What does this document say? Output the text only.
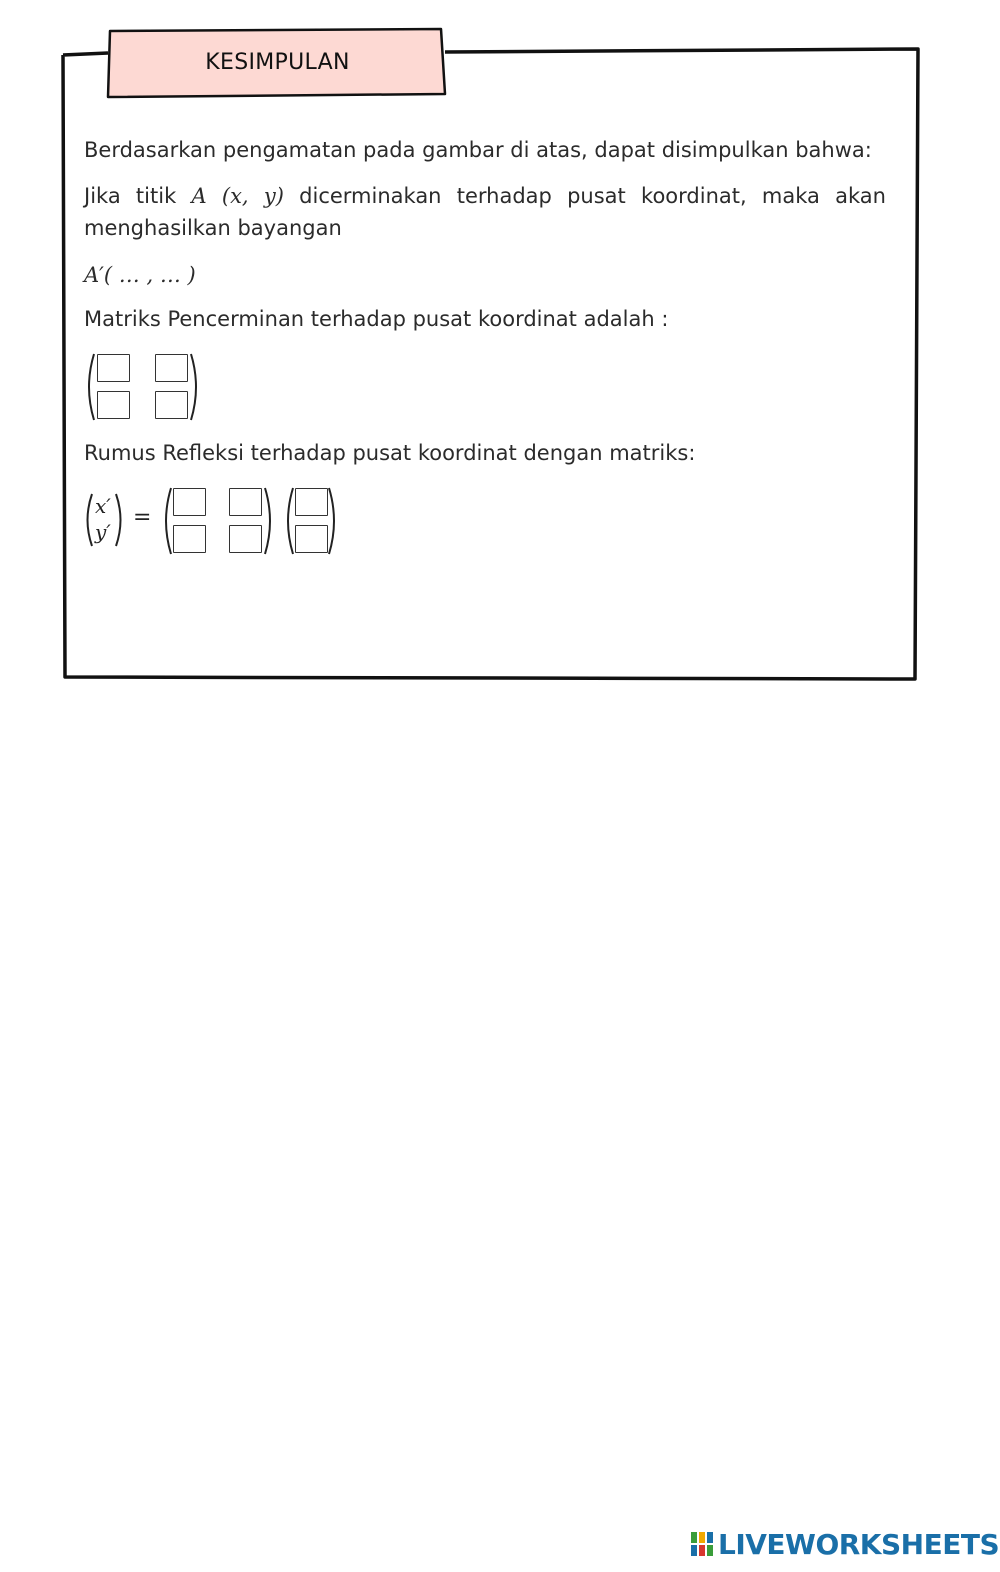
KESIMPULAN
Berdasarkan pengamatan pada gambar di atas, dapat disimpulkan bahwa:
Jika titik A (x, y) dicerminakan terhadap pusat koordinat, maka akan
menghasilkan bayangan
A′( … , … )
Matriks Pencerminan terhadap pusat koordinat adalah :
Rumus Refleksi terhadap pusat koordinat dengan matriks:
x′
y′
=
LIVEWORKSHEETS
